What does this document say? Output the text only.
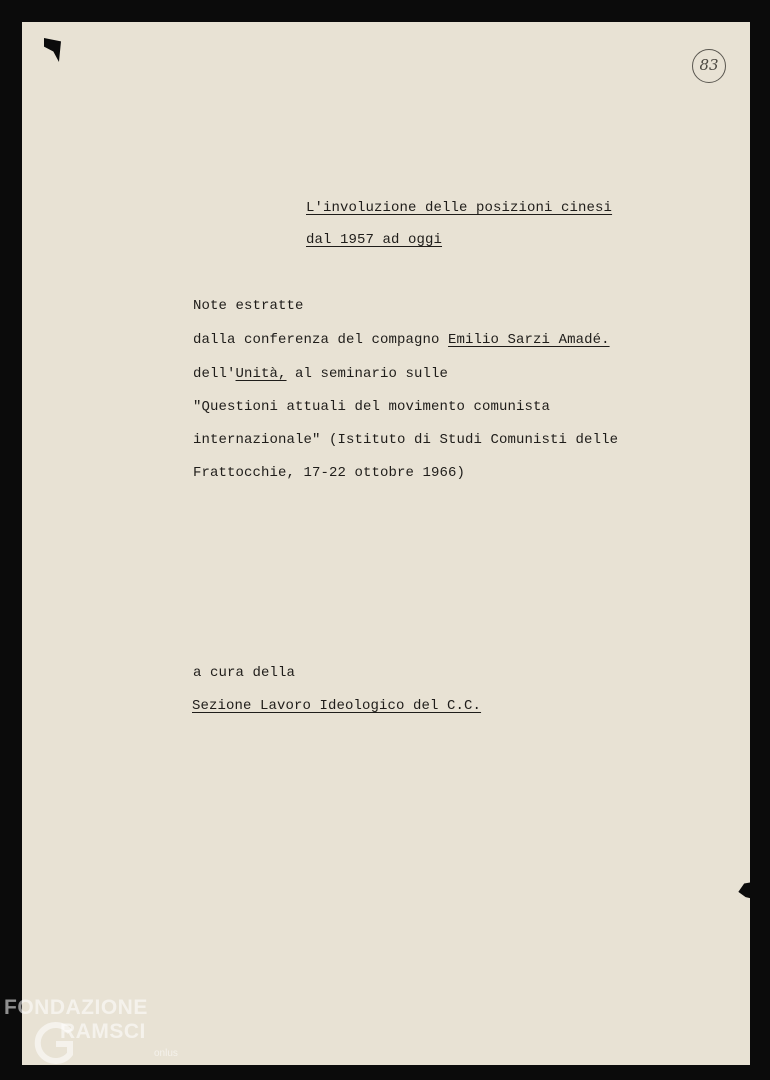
83
L'involuzione delle posizioni cinesi
dal 1957 ad oggi
Note estratte
dalla conferenza del compagno Emilio Sarzi Amadé.
dell'Unità, al seminario sulle
"Questioni attuali del movimento comunista
internazionale" (Istituto di Studi Comunisti delle
Frattocchie, 17-22 ottobre 1966)
a cura della
Sezione Lavoro Ideologico del C.C.
FONDAZIONE
RAMSCI
onlus
